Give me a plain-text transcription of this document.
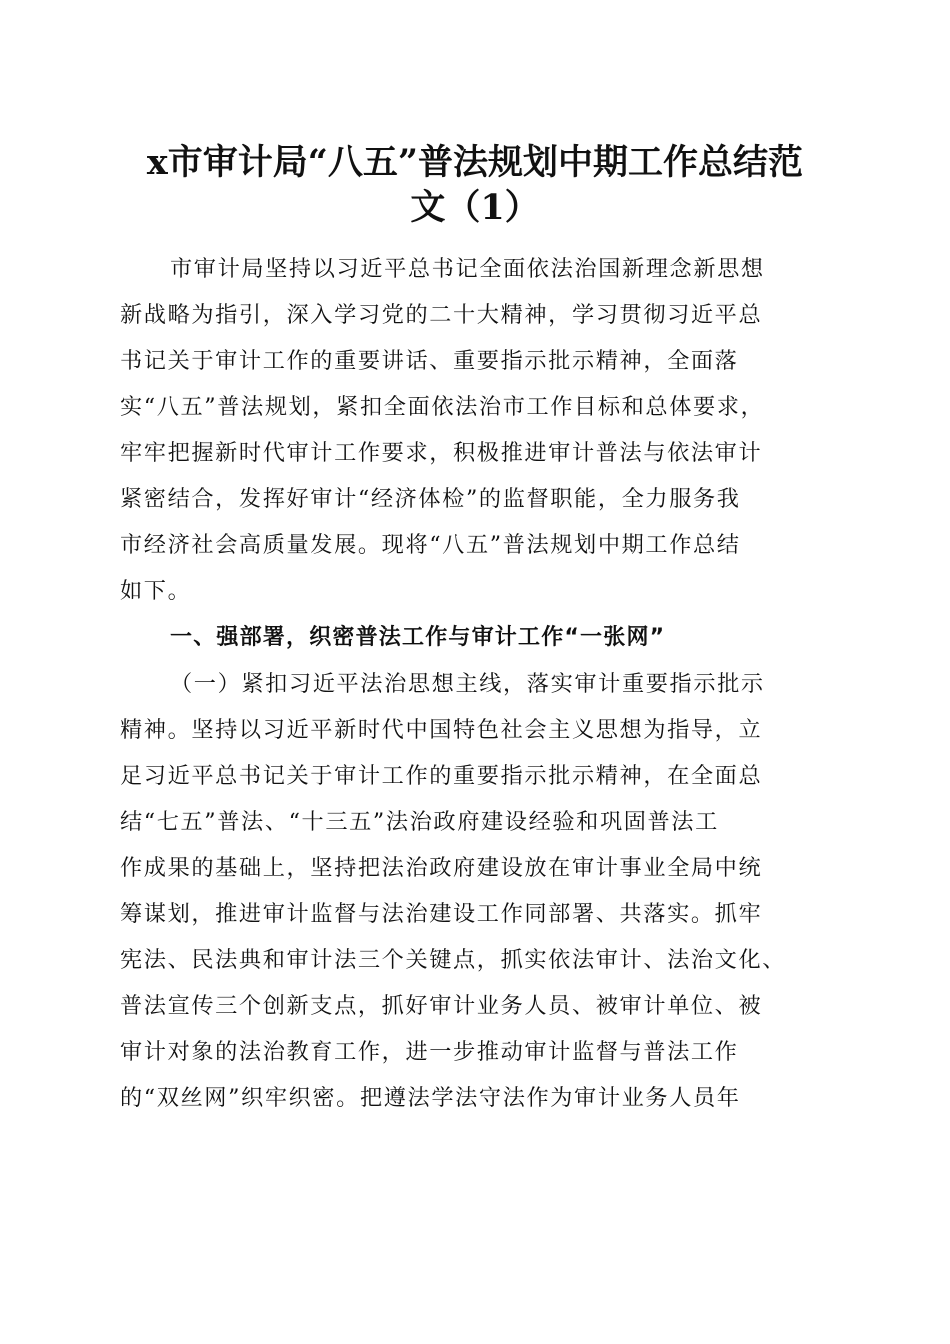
x市审计局“八五”普法规划中期工作总结范
文（1）
市审计局坚持以习近平总书记全面依法治国新理念新思想
新战略为指引，深入学习党的二十大精神，学习贯彻习近平总
书记关于审计工作的重要讲话、重要指示批示精神，全面落
实“八五”普法规划，紧扣全面依法治市工作目标和总体要求，
牢牢把握新时代审计工作要求，积极推进审计普法与依法审计
紧密结合，发挥好审计“经济体检”的监督职能，全力服务我
市经济社会高质量发展。现将“八五”普法规划中期工作总结
如下。
一、强部署，织密普法工作与审计工作“一张网”
（一）紧扣习近平法治思想主线，落实审计重要指示批示
精神。坚持以习近平新时代中国特色社会主义思想为指导，立
足习近平总书记关于审计工作的重要指示批示精神，在全面总
结“七五”普法、“十三五”法治政府建设经验和巩固普法工
作成果的基础上，坚持把法治政府建设放在审计事业全局中统
筹谋划，推进审计监督与法治建设工作同部署、共落实。抓牢
宪法、民法典和审计法三个关键点，抓实依法审计、法治文化、
普法宣传三个创新支点，抓好审计业务人员、被审计单位、被
审计对象的法治教育工作，进一步推动审计监督与普法工作
的“双丝网”织牢织密。把遵法学法守法作为审计业务人员年
